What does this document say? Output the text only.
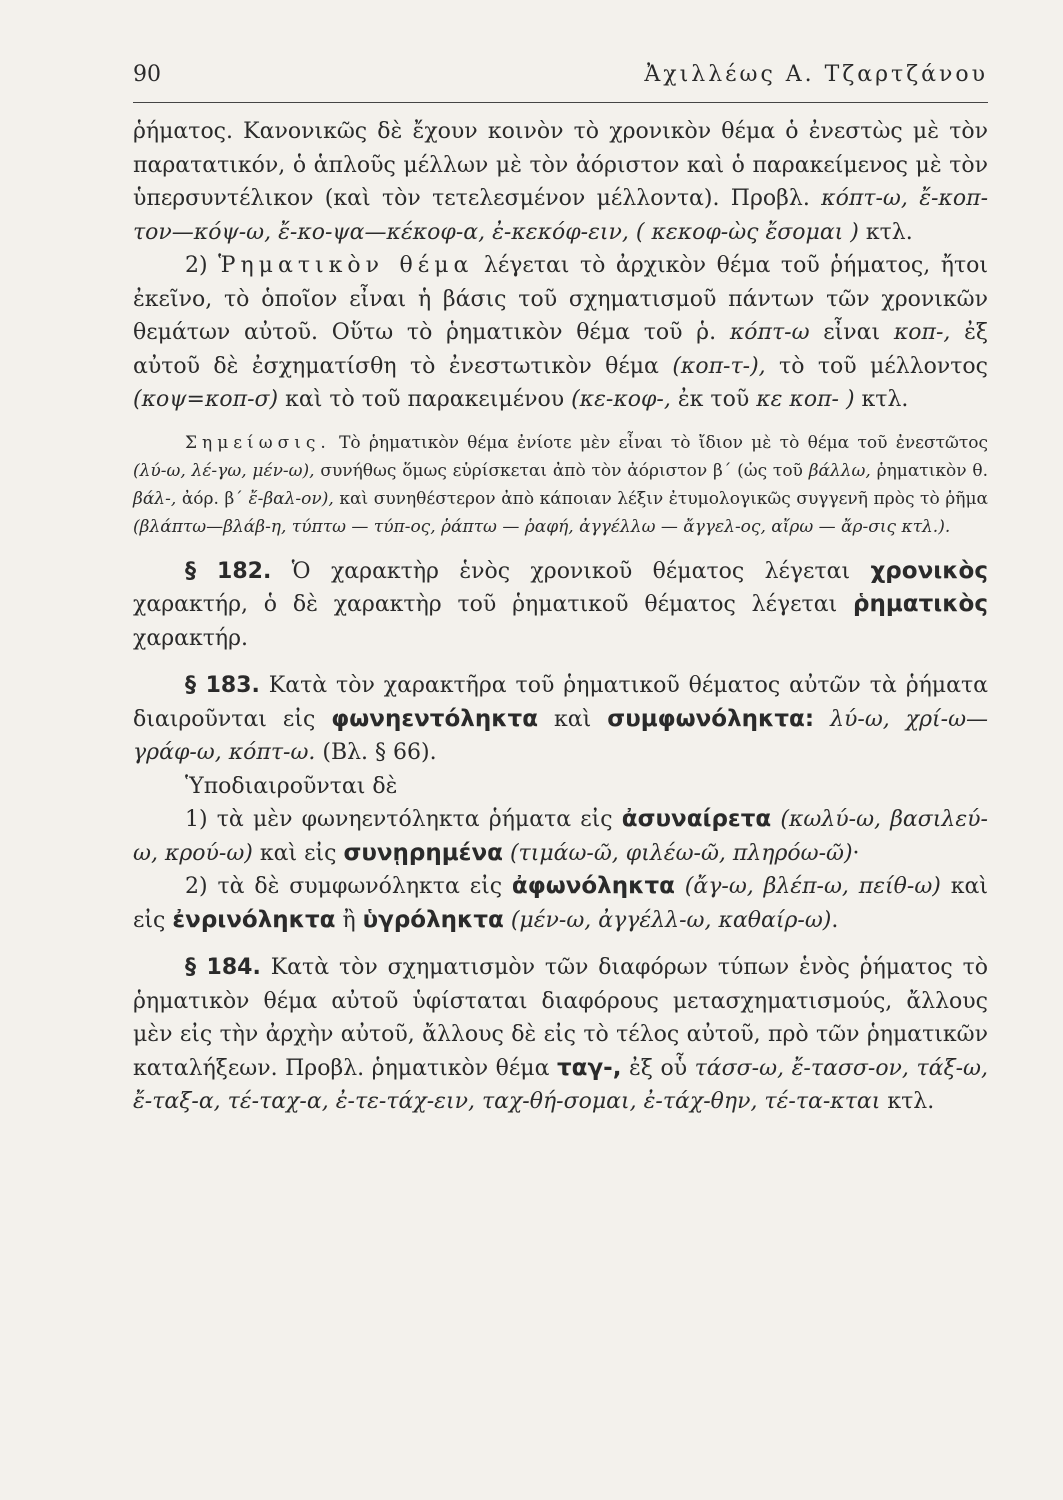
90	Ἀχιλλέως Α. Τζαρτζάνου

ῥήματος. Κανονικῶς δὲ ἔχουν κοινὸν τὸ χρονικὸν θέμα ὁ ἐνεστὼς μὲ τὸν παρατατικόν, ὁ ἁπλοῦς μέλλων μὲ τὸν ἀόριστον καὶ ὁ παρακείμενος μὲ τὸν ὑπερσυντέλικον (καὶ τὸν τετελεσμένον μέλλοντα). Προβλ. κόπτ-ω, ἔ-κοπ-τον—κόψ-ω, ἔ-κο-ψα—κέκοφ-α, ἐ-κεκόφ-ειν, ( κεκοφ-ὼς ἔσομαι ) κτλ.

2) Ῥηματικὸν θέμα λέγεται τὸ ἀρχικὸν θέμα τοῦ ῥήματος, ἤτοι ἐκεῖνο, τὸ ὁποῖον εἶναι ἡ βάσις τοῦ σχηματισμοῦ πάντων τῶν χρονικῶν θεμάτων αὐτοῦ. Οὕτω τὸ ῥηματικὸν θέμα τοῦ ῥ. κόπτ-ω εἶναι κοπ-, ἐξ αὐτοῦ δὲ ἐσχηματίσθη τὸ ἐνεστωτικὸν θέμα (κοπ-τ-), τὸ τοῦ μέλλοντος (κοψ=κοπ-σ) καὶ τὸ τοῦ παρακειμένου (κε-κοφ-, ἐκ τοῦ κε κοπ- ) κτλ.

Σημείωσις. Τὸ ῥηματικὸν θέμα ἐνίοτε μὲν εἶναι τὸ ἴδιον μὲ τὸ θέμα τοῦ ἐνεστῶτος (λύ-ω, λέ-γω, μέν-ω), συνήθως ὅμως εὑρίσκεται ἀπὸ τὸν ἀόριστον β΄ (ὡς τοῦ βάλλω, ῥηματικὸν θ. βάλ-, ἀόρ. β΄ ἔ-βαλ-ον), καὶ συνηθέστερον ἀπὸ κάποιαν λέξιν ἐτυμολογικῶς συγγενῆ πρὸς τὸ ῥῆμα (βλάπτω—βλάβ-η, τύπτω — τύπ-ος, ῥάπτω — ῥαφή, ἀγγέλλω — ἄγγελ-ος, αἴρω — ἄρ-σις κτλ.).

§ 182. Ὁ χαρακτὴρ ἑνὸς χρονικοῦ θέματος λέγεται χρονικὸς χαρακτήρ, ὁ δὲ χαρακτὴρ τοῦ ῥηματικοῦ θέματος λέγεται ῥηματικὸς χαρακτήρ.

§ 183. Κατὰ τὸν χαρακτῆρα τοῦ ῥηματικοῦ θέματος αὐτῶν τὰ ῥήματα διαιροῦνται εἰς φωνηεντόληκτα καὶ συμφωνόληκτα: λύ-ω, χρί-ω—γράφ-ω, κόπτ-ω. (Βλ. § 66).

Ὑποδιαιροῦνται δὲ

1) τὰ μὲν φωνηεντόληκτα ῥήματα εἰς ἀσυναίρετα (κωλύ-ω, βασιλεύ-ω, κρού-ω) καὶ εἰς συνῃρημένα (τιμάω-ῶ, φιλέω-ῶ, πληρόω-ῶ)·

2) τὰ δὲ συμφωνόληκτα εἰς ἀφωνόληκτα (ἄγ-ω, βλέπ-ω, πείθ-ω) καὶ εἰς ἐνρινόληκτα ἢ ὑγρόληκτα (μέν-ω, ἀγγέλλ-ω, καθαίρ-ω).

§ 184. Κατὰ τὸν σχηματισμὸν τῶν διαφόρων τύπων ἑνὸς ῥήματος τὸ ῥηματικὸν θέμα αὐτοῦ ὑφίσταται διαφόρους μετασχηματισμούς, ἄλλους μὲν εἰς τὴν ἀρχὴν αὐτοῦ, ἄλλους δὲ εἰς τὸ τέλος αὐτοῦ, πρὸ τῶν ῥηματικῶν καταλήξεων. Προβλ. ῥηματικὸν θέμα ταγ-, ἐξ οὗ τάσσ-ω, ἔ-τασσ-ον, τάξ-ω, ἔ-ταξ-α, τέ-ταχ-α, ἐ-τε-τάχ-ειν, ταχ-θή-σομαι, ἐ-τάχ-θην, τέ-τα-κται κτλ.
